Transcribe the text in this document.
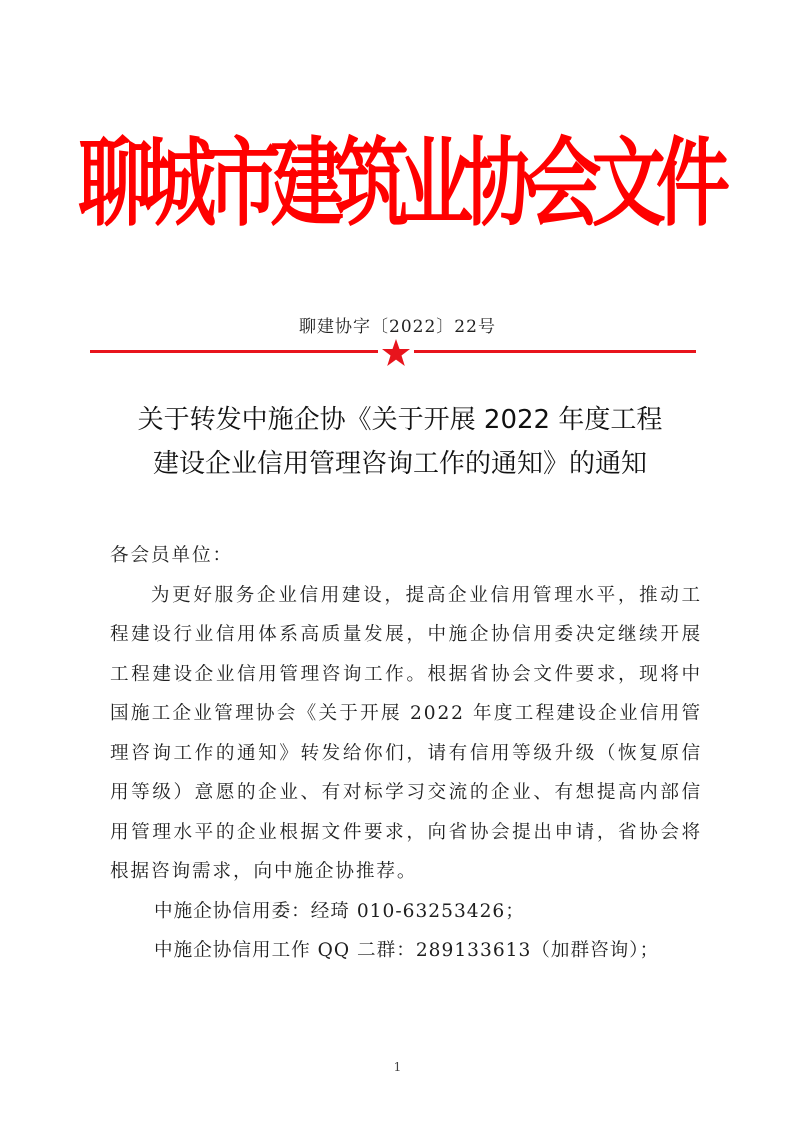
聊
城
市
建
筑
业
协
会
文
件
聊建协字〔2022〕22号
关于转发中施企协《关于开展 2022 年度工程
建设企业信用管理咨询工作的通知》的通知

各会员单位：

为更好服务企业信用建设，提高企业信用管理水平，推动工程建设行业信用体系高质量发展，中施企协信用委决定继续开展工程建设企业信用管理咨询工作。根据省协会文件要求，现将中国施工企业管理协会《关于开展 2022 年度工程建设企业信用管理咨询工作的通知》转发给你们，请有信用等级升级（恢复原信用等级）意愿的企业、有对标学习交流的企业、有想提高内部信用管理水平的企业根据文件要求，向省协会提出申请，省协会将根据咨询需求，向中施企协推荐。

中施企协信用委：经琦 010-63253426；

中施企协信用工作 QQ 二群：289133613（加群咨询）；

1
